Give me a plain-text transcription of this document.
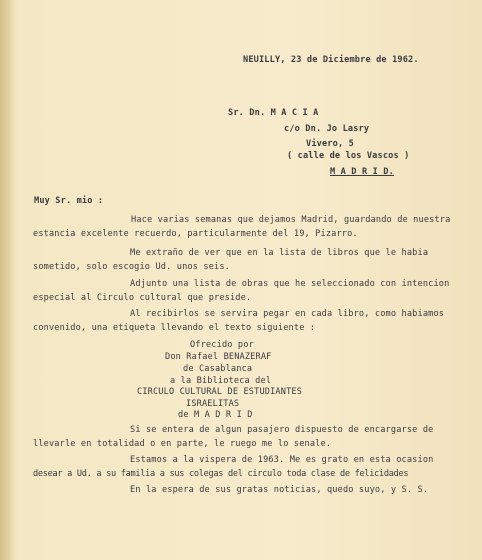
NEUILLY, 23 de Diciembre de 1962.
Sr. Dn. M A C I A
c/o Dn. Jo Lasry
Vivero, 5
( calle de los Vascos )
M A D R I D.
Muy Sr. mio :
Hace varias semanas que dejamos Madrid, guardando de nuestra
estancia excelente recuerdo, particularmente del 19, Pizarro.
Me extraño de ver que en la lista de libros que le habia
sometido, solo escogio Ud. unos seis.
Adjunto una lista de obras que he seleccionado con intencion
especial al Circulo cultural que preside.
Al recibirlos se servira pegar en cada libro, como habiamos
convenido, una etiqueta llevando el texto siguiente :
Ofrecido por
Don Rafael BENAZERAF
de Casablanca
a la Biblioteca del
CIRCULO CULTURAL DE ESTUDIANTES
ISRAELITAS
de M A D R I D
Si se entera de algun pasajero dispuesto de encargarse de
llevarle en totalidad o en parte, le ruego me lo senale.
Estamos a la vispera de 1963. Me es grato en esta ocasion
desear a Ud. a su familia a sus colegas del circulo toda clase de felicidades
En la espera de sus gratas noticias, quedo suyo, y S. S.
